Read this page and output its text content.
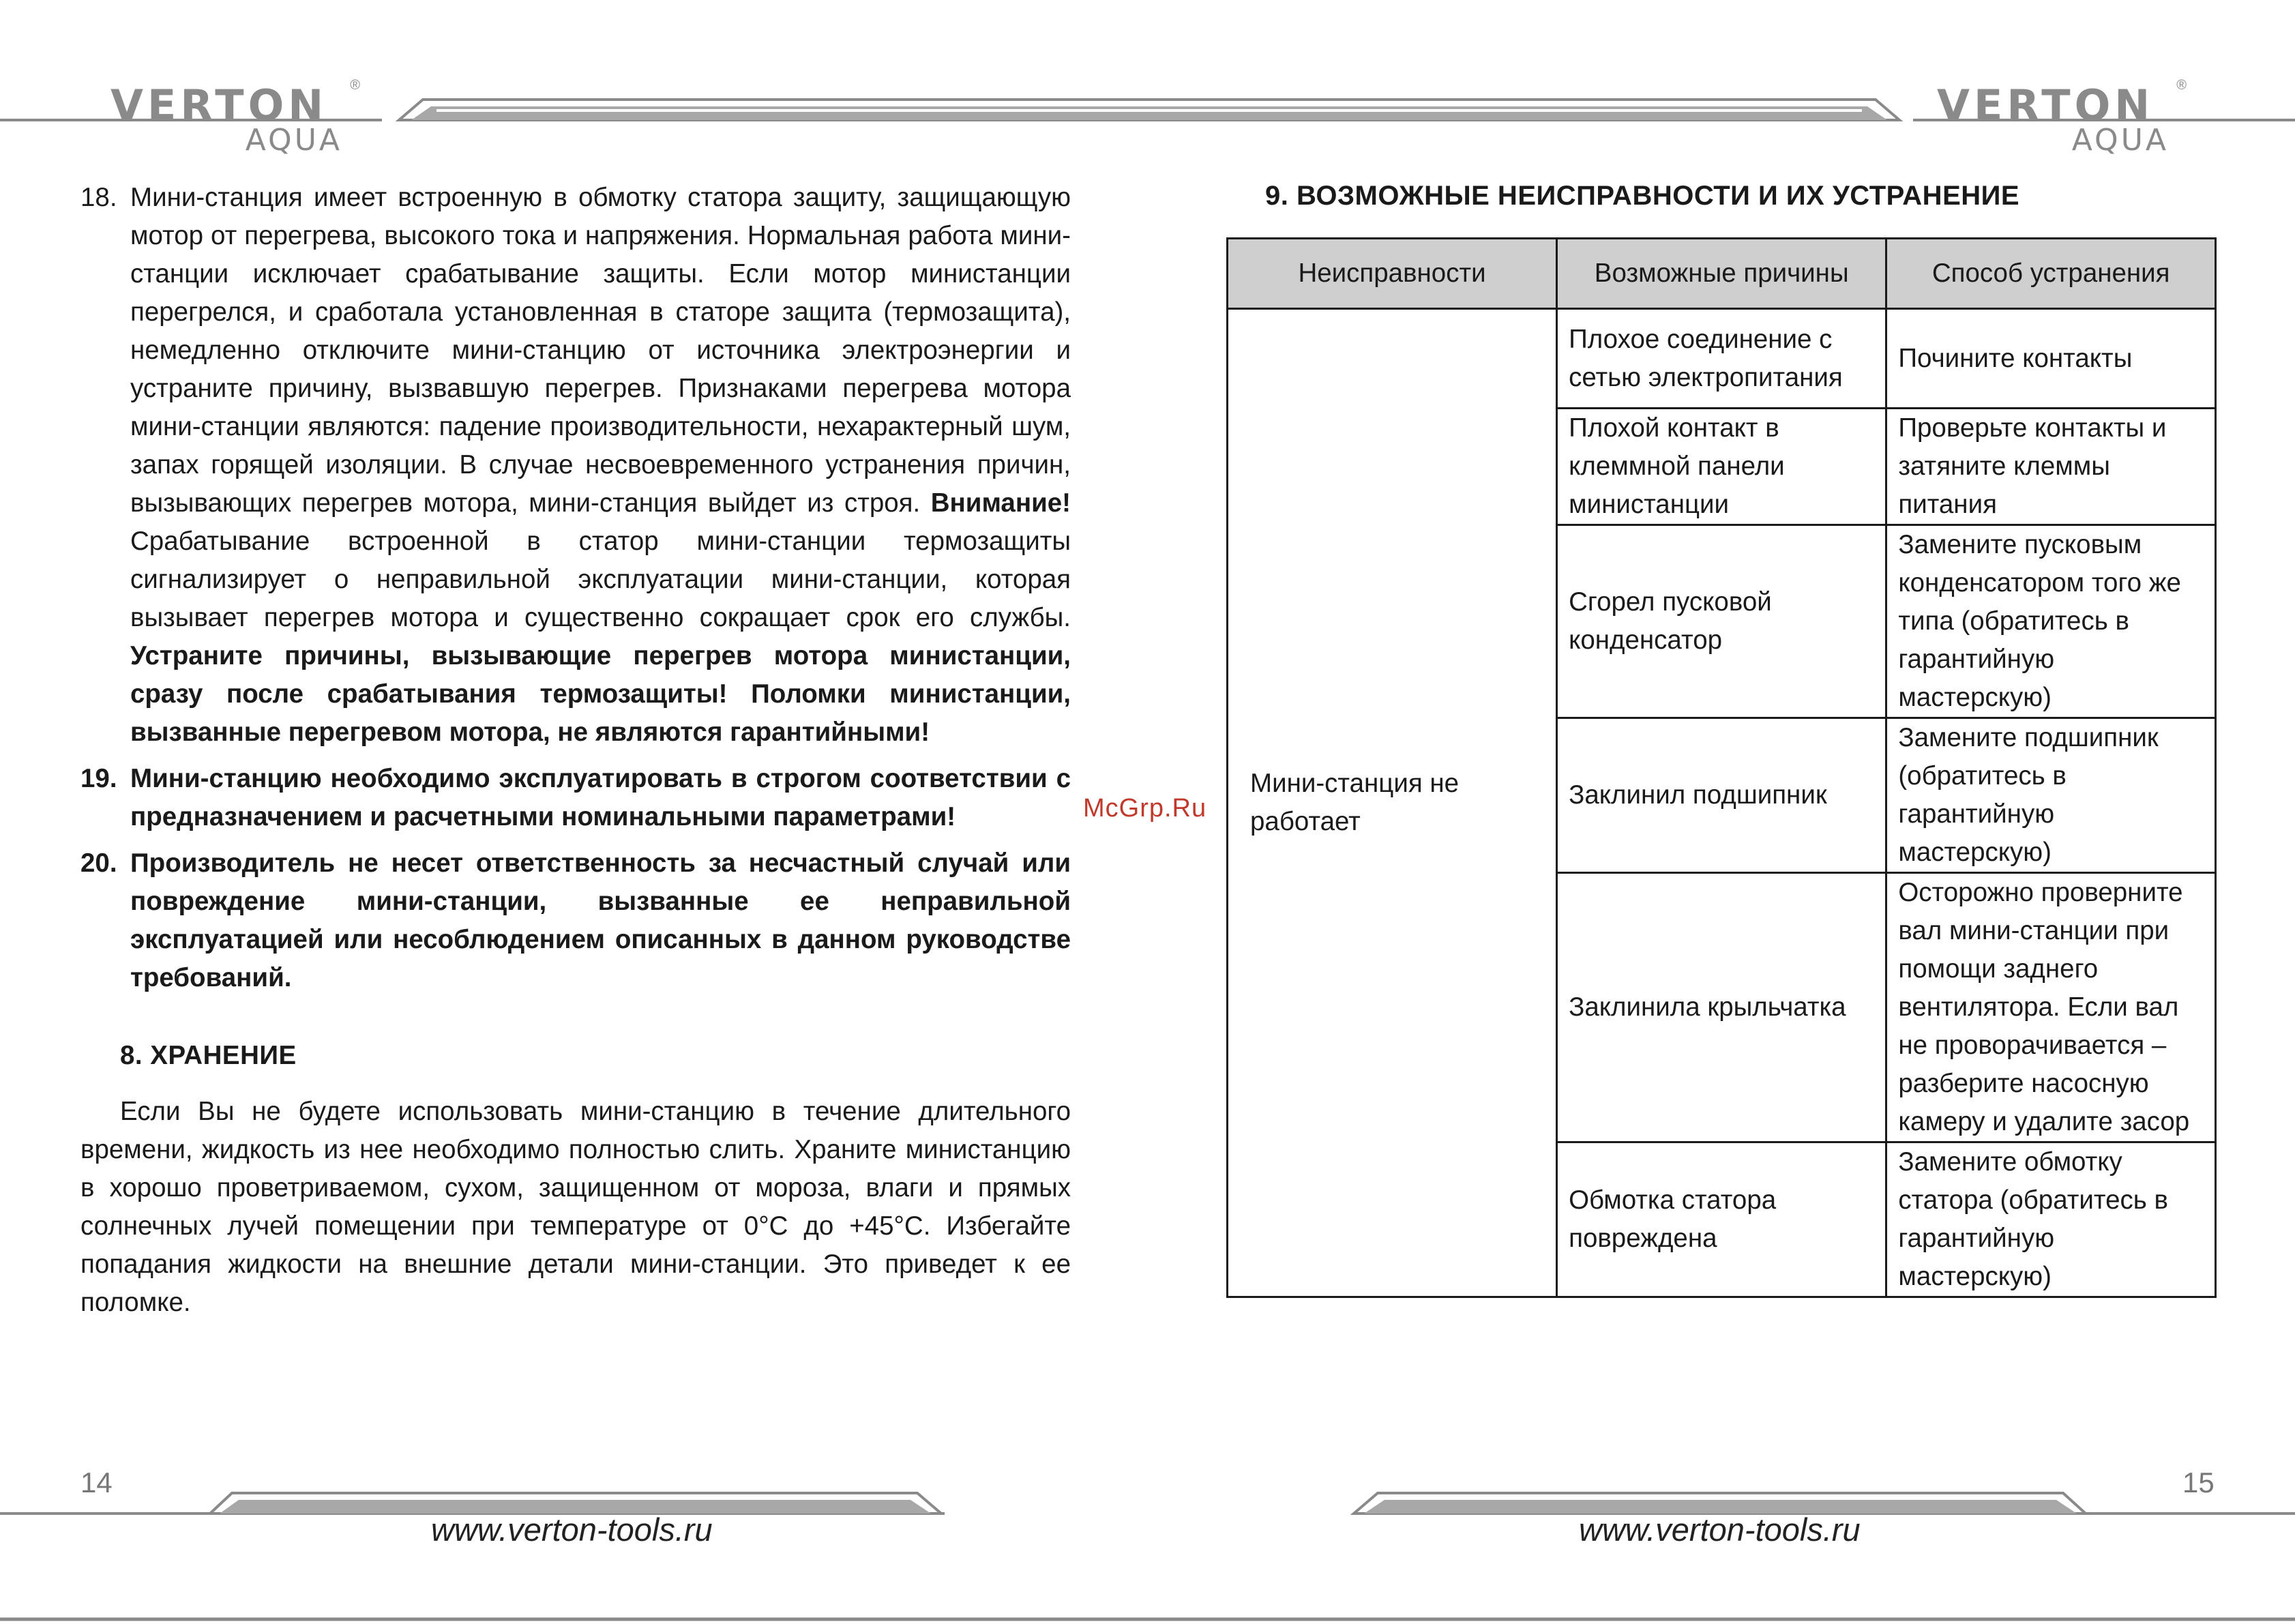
VERTON ®
AQUA
VERTON ®
AQUA
18. Мини-станция имеет встроенную в обмотку статора защиту, защищающую мотор от перегрева, высокого тока и напряжения. Нормальная работа мини-станции исключает срабатывание защиты. Если мотор министанции перегрелся, и сработала установленная в статоре защита (термозащита), немедленно отключите мини-станцию от источника электроэнергии и устраните причину, вызвавшую перегрев. Признаками перегрева мотора мини-станции являются: падение производительности, нехарактерный шум, запах горящей изоляции. В случае несвоевременного устранения причин, вызывающих перегрев мотора, мини-станция выйдет из строя. Внимание! Срабатывание встроенной в статор мини-станции термозащиты сигнализирует о неправильной эксплуатации мини-станции, которая вызывает перегрев мотора и существенно сокращает срок его службы. Устраните причины, вызывающие перегрев мотора министанции, сразу после срабатывания термозащиты! Поломки министанции, вызванные перегревом мотора, не являются гарантийными!
19. Мини-станцию необходимо эксплуатировать в строгом соответствии с предназначением и расчетными номинальными параметрами!
20. Производитель не несет ответственность за несчастный случай или повреждение мини-станции, вызванные ее неправильной эксплуатацией или несоблюдением описанных в данном руководстве требований.
8. ХРАНЕНИЕ
Если Вы не будете использовать мини-станцию в течение длительного времени, жидкость из нее необходимо полностью слить. Храните министанцию в хорошо проветриваемом, сухом, защищенном от мороза, влаги и прямых солнечных лучей помещении при температуре от 0°С до +45°С. Избегайте попадания жидкости на внешние детали мини-станции. Это приведет к ее поломке.
McGrp.Ru
9. ВОЗМОЖНЫЕ НЕИСПРАВНОСТИ И ИХ УСТРАНЕНИЕ
Неисправности	Возможные причины	Способ устранения
Мини-станция не работает	Плохое соединение с сетью электропитания	Почините контакты
	Плохой контакт в клеммной панели министанции	Проверьте контакты и затяните клеммы питания
	Сгорел пусковой конденсатор	Замените пусковым конденсатором того же типа (обратитесь в гарантийную мастерскую)
	Заклинил подшипник	Замените подшипник (обратитесь в гарантийную мастерскую)
	Заклинила крыльчатка	Осторожно проверните вал мини-станции при помощи заднего вентилятора. Если вал не проворачивается – разберите насосную камеру и удалите засор
	Обмотка статора повреждена	Замените обмотку статора (обратитесь в гарантийную мастерскую)
14	15
www.verton-tools.ru	www.verton-tools.ru
